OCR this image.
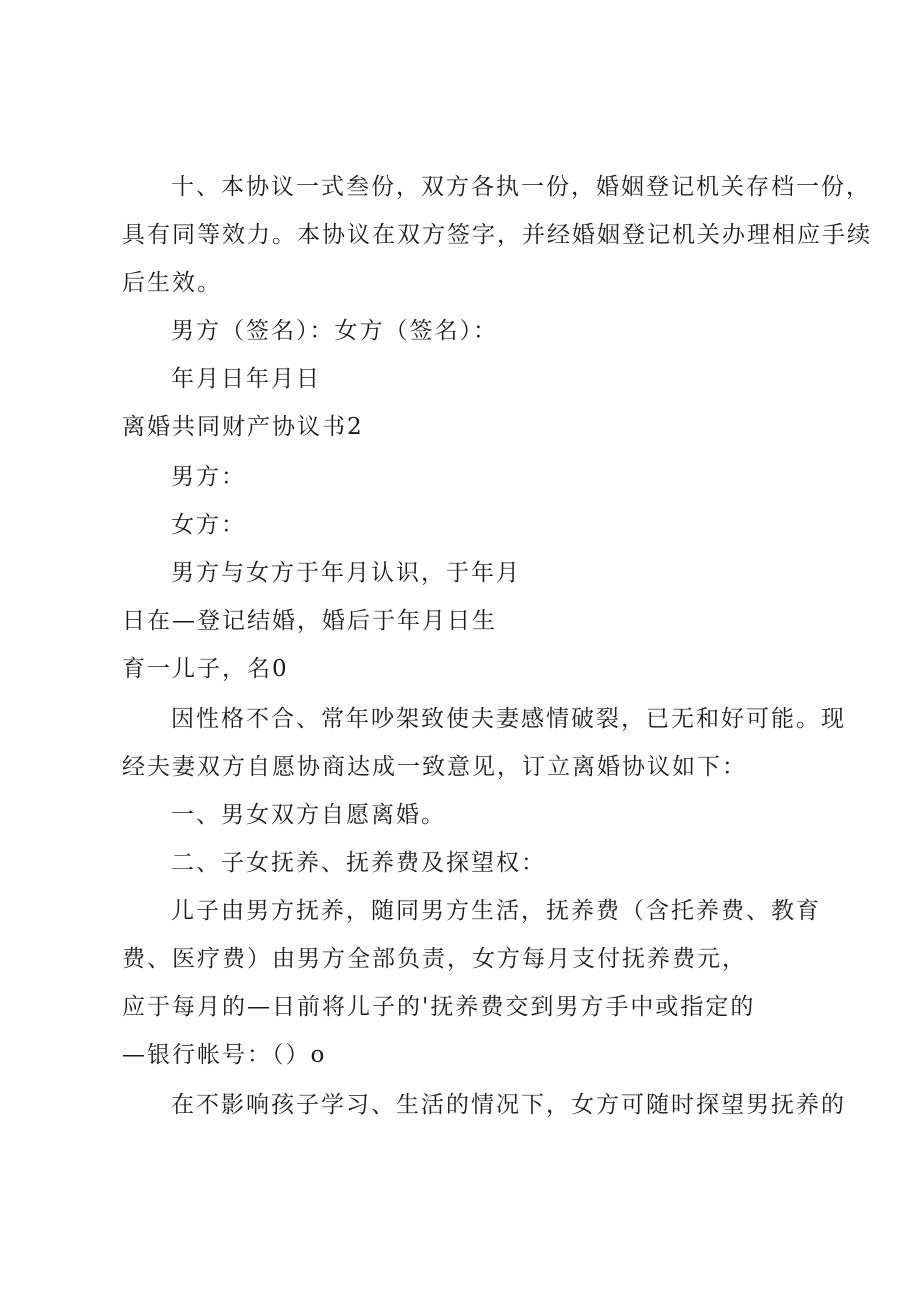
十、本协议一式叁份，双方各执一份，婚姻登记机关存档一份，
具有同等效力。本协议在双方签字，并经婚姻登记机关办理相应手续
后生效。
男方（签名）：女方（签名）：
年月日年月日
离婚共同财产协议书2
男方：
女方：
男方与女方于年月认识，于年月
日在—登记结婚，婚后于年月日生
育一儿子，名0
因性格不合、常年吵架致使夫妻感情破裂，已无和好可能。现
经夫妻双方自愿协商达成一致意见，订立离婚协议如下：
一、男女双方自愿离婚。
二、子女抚养、抚养费及探望权：
儿子由男方抚养，随同男方生活，抚养费（含托养费、教育
费、医疗费）由男方全部负责，女方每月支付抚养费元，
应于每月的—日前将儿子的'抚养费交到男方手中或指定的
—银行帐号：（）o
在不影响孩子学习、生活的情况下，女方可随时探望男抚养的
